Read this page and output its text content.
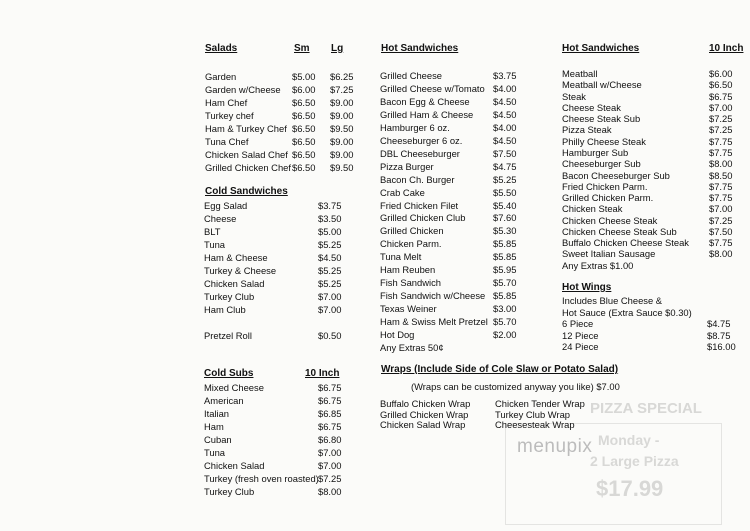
PIZZA SPECIAL
Monday -
2 Large Pizza
$17.99
menupix
Salads	Sm Lg
Garden	$5.00 $6.25
Garden w/Cheese $6.00 $7.25
Ham Chef	$6.50 $9.00
Turkey chef	$6.50 $9.00
Ham & Turkey Chef $6.50 $9.50
Tuna Chef	$6.50 $9.00
Chicken Salad Chef $6.50 $9.00
Grilled Chicken Chef $6.50 $9.50
Cold Sandwiches
Egg Salad	$3.75
Cheese	$3.50
BLT	$5.00
Tuna	$5.25
Ham & Cheese	$4.50
Turkey & Cheese	$5.25
Chicken Salad	$5.25
Turkey Club	$7.00
Ham Club	$7.00
Pretzel Roll	$0.50
Cold Subs	10 Inch
Mixed Cheese	$6.75
American	$6.75
Italian	$6.85
Ham	$6.75
Cuban	$6.80
Tuna	$7.00
Chicken Salad	$7.00
Turkey (fresh oven roasted) $7.25
Turkey Club	$8.00
Hot Sandwiches
Grilled Cheese	$3.75
Grilled Cheese w/Tomato $4.00
Bacon Egg & Cheese $4.50
Grilled Ham & Cheese $4.50
Hamburger 6 oz.	$4.00
Cheeseburger 6 oz.	$4.50
DBL Cheeseburger	$7.50
Pizza Burger	$4.75
Bacon Ch. Burger	$5.25
Crab Cake	$5.50
Fried Chicken Filet	$5.40
Grilled Chicken Club	$7.60
Grilled Chicken	$5.30
Chicken Parm.	$5.85
Tuna Melt	$5.85
Ham Reuben	$5.95
Fish Sandwich	$5.70
Fish Sandwich w/Cheese $5.85
Texas Weiner	$3.00
Ham & Swiss Melt Pretzel $5.70
Hot Dog	$2.00
Any Extras 50¢
Hot Sandwiches	10 Inch
Meatball	$6.00
Meatball w/Cheese	$6.50
Steak	$6.75
Cheese Steak	$7.00
Cheese Steak Sub	$7.25
Pizza Steak	$7.25
Philly Cheese Steak	$7.75
Hamburger Sub	$7.75
Cheeseburger Sub	$8.00
Bacon Cheeseburger Sub	$8.50
Fried Chicken Parm.	$7.75
Grilled Chicken Parm.	$7.75
Chicken Steak	$7.00
Chicken Cheese Steak	$7.25
Chicken Cheese Steak Sub	$7.50
Buffalo Chicken Cheese Steak $7.75
Sweet Italian Sausage	$8.00
Any Extras $1.00
Hot Wings
Includes Blue Cheese &
Hot Sauce (Extra Sauce $0.30)
6 Piece	$4.75
12 Piece	$8.75
24 Piece	$16.00
Wraps (Include Side of Cole Slaw or Potato Salad)
(Wraps can be customized anyway you like) $7.00
Buffalo Chicken Wrap
Grilled Chicken Wrap
Chicken Salad Wrap
Chicken Tender Wrap
Turkey Club Wrap
Cheesesteak Wrap
